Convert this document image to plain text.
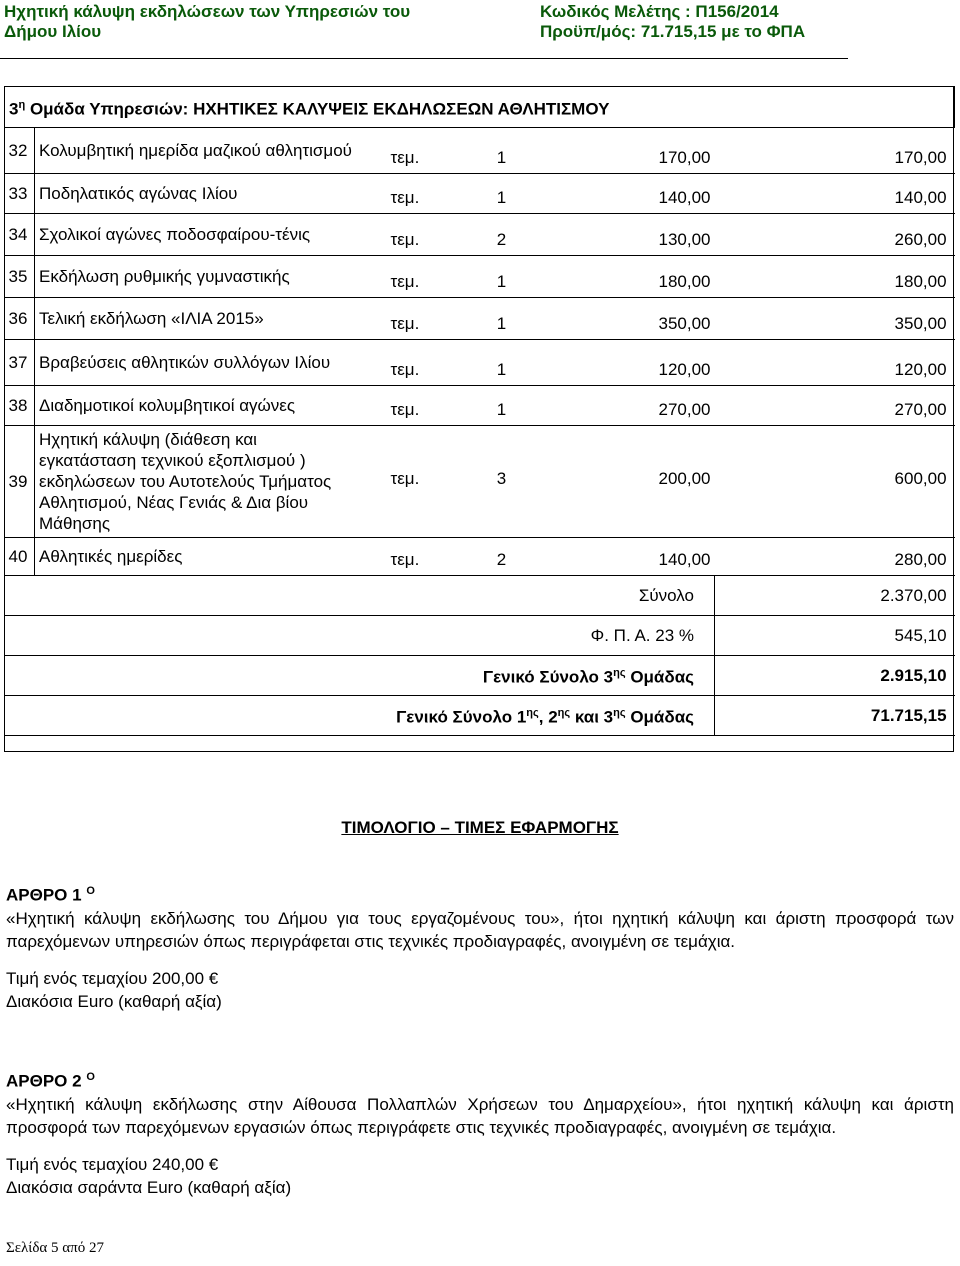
Ηχητική κάλυψη εκδηλώσεων των Υπηρεσιών του
Δήμου Ιλίου
Κωδικός Μελέτης : Π156/2014
Προϋπ/μός: 71.715,15 με το ΦΠΑ
$3^\eta$ Ομάδα Υπηρεσιών: ΗΧΗΤΙΚΕΣ ΚΑΛΥΨΕΙΣ ΕΚΔΗΛΩΣΕΩΝ ΑΘΛΗΤΙΣΜΟΥ					
32	Κολυμβητική ημερίδα μαζικού αθλητισμού	τεμ.	1	170,00	170,00
33	Ποδηλατικός αγώνας Ιλίου	τεμ.	1	140,00	140,00
34	Σχολικοί αγώνες ποδοσφαίρου-τένις	τεμ.	2	130,00	260,00
35	Εκδήλωση ρυθμικής γυμναστικής	τεμ.	1	180,00	180,00
36	Τελική εκδήλωση «ΙΛΙΑ 2015»	τεμ.	1	350,00	350,00
37	Βραβεύσεις αθλητικών συλλόγων Ιλίου	τεμ.	1	120,00	120,00
38	Διαδημοτικοί κολυμβητικοί αγώνες	τεμ.	1	270,00	270,00
39	Ηχητική κάλυψη (διάθεση και εγκατάσταση τεχνικού εξοπλισμού ) εκδηλώσεων του Αυτοτελούς Τμήματος Αθλητισμού, Νέας Γενιάς & Δια βίου Μάθησης	τεμ.	3	200,00	600,00
40	Αθλητικές ημερίδες	τεμ.	2	140,00	280,00
Σύνολο					2.370,00
Φ. Π. Α. 23 %					545,10
Γενικό Σύνολο $3^{\eta\varsigma}$ Ομάδας					2.915,10
Γενικό Σύνολο $1^{\eta\varsigma}$, $2^{\eta\varsigma}$ και $3^{\eta\varsigma}$ Ομάδας					71.715,15
ΤΙΜΟΛΟΓΙΟ – ΤΙΜΕΣ ΕΦΑΡΜΟΓΗΣ
ΑΡΘΡΟ 1 $^O$

«Ηχητική κάλυψη εκδήλωσης του Δήμου για τους εργαζομένους του», ήτοι ηχητική κάλυψη και άριστη προσφορά των παρεχόμενων υπηρεσιών όπως περιγράφεται στις τεχνικές προδιαγραφές, ανοιγμένη σε τεμάχια.

Τιμή ενός τεμαχίου 200,00 €

Διακόσια Euro (καθαρή αξία)

ΑΡΘΡΟ 2 $^O$

«Ηχητική κάλυψη εκδήλωσης στην Αίθουσα Πολλαπλών Χρήσεων του Δημαρχείου», ήτοι ηχητική κάλυψη και άριστη προσφορά των παρεχόμενων εργασιών όπως περιγράφετε στις τεχνικές προδιαγραφές, ανοιγμένη σε τεμάχια.

Τιμή ενός τεμαχίου 240,00 €

Διακόσια σαράντα Euro (καθαρή αξία)

Σελίδα 5 από 27
